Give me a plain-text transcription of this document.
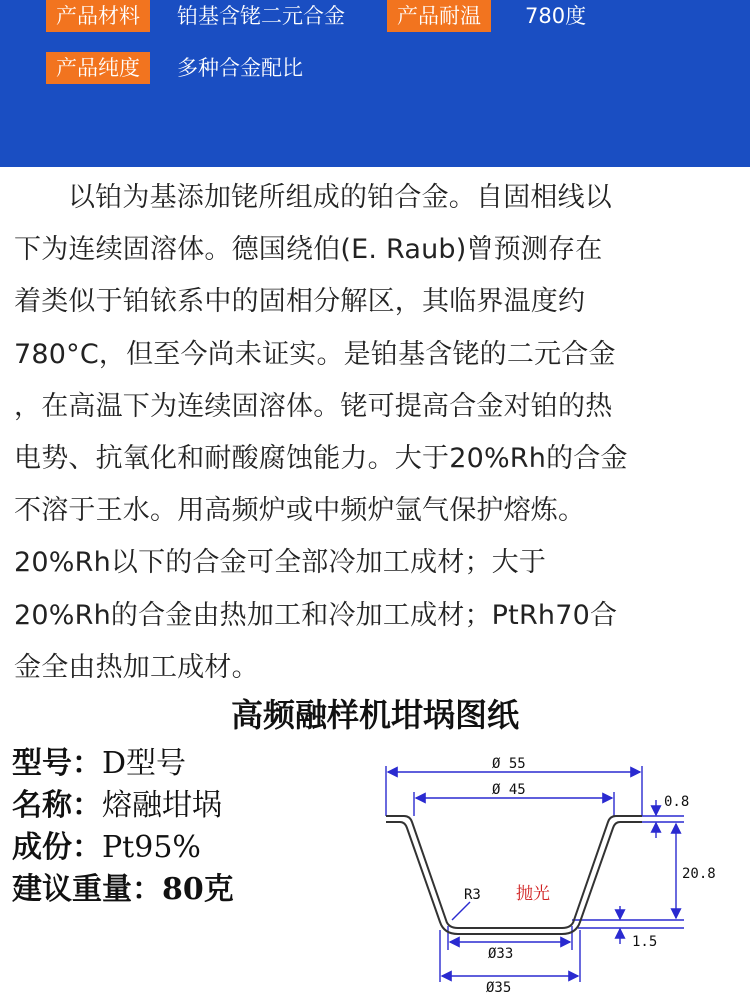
产品材料	铂基含铑二元合金	产品耐温	780度
产品纯度	多种合金配比
以铂为基添加铑所组成的铂合金。自固相线以
下为连续固溶体。德国绕伯(E. Raub)曾预测存在
着类似于铂铱系中的固相分解区，其临界温度约
780°C，但至今尚未证实。是铂基含铑的二元合金
，在高温下为连续固溶体。铑可提高合金对铂的热
电势、抗氧化和耐酸腐蚀能力。大于20%Rh的合金
不溶于王水。用高频炉或中频炉氩气保护熔炼。
20%Rh以下的合金可全部冷加工成材；大于
20%Rh的合金由热加工和冷加工成材；PtRh70合
金全由热加工成材。
高频融样机坩埚图纸
型号：D型号
名称：熔融坩埚
成份：Pt95%
建议重量：80克
Ø 55
Ø 45
0.8
20.8
R3 抛光
Ø33
1.5
Ø35
